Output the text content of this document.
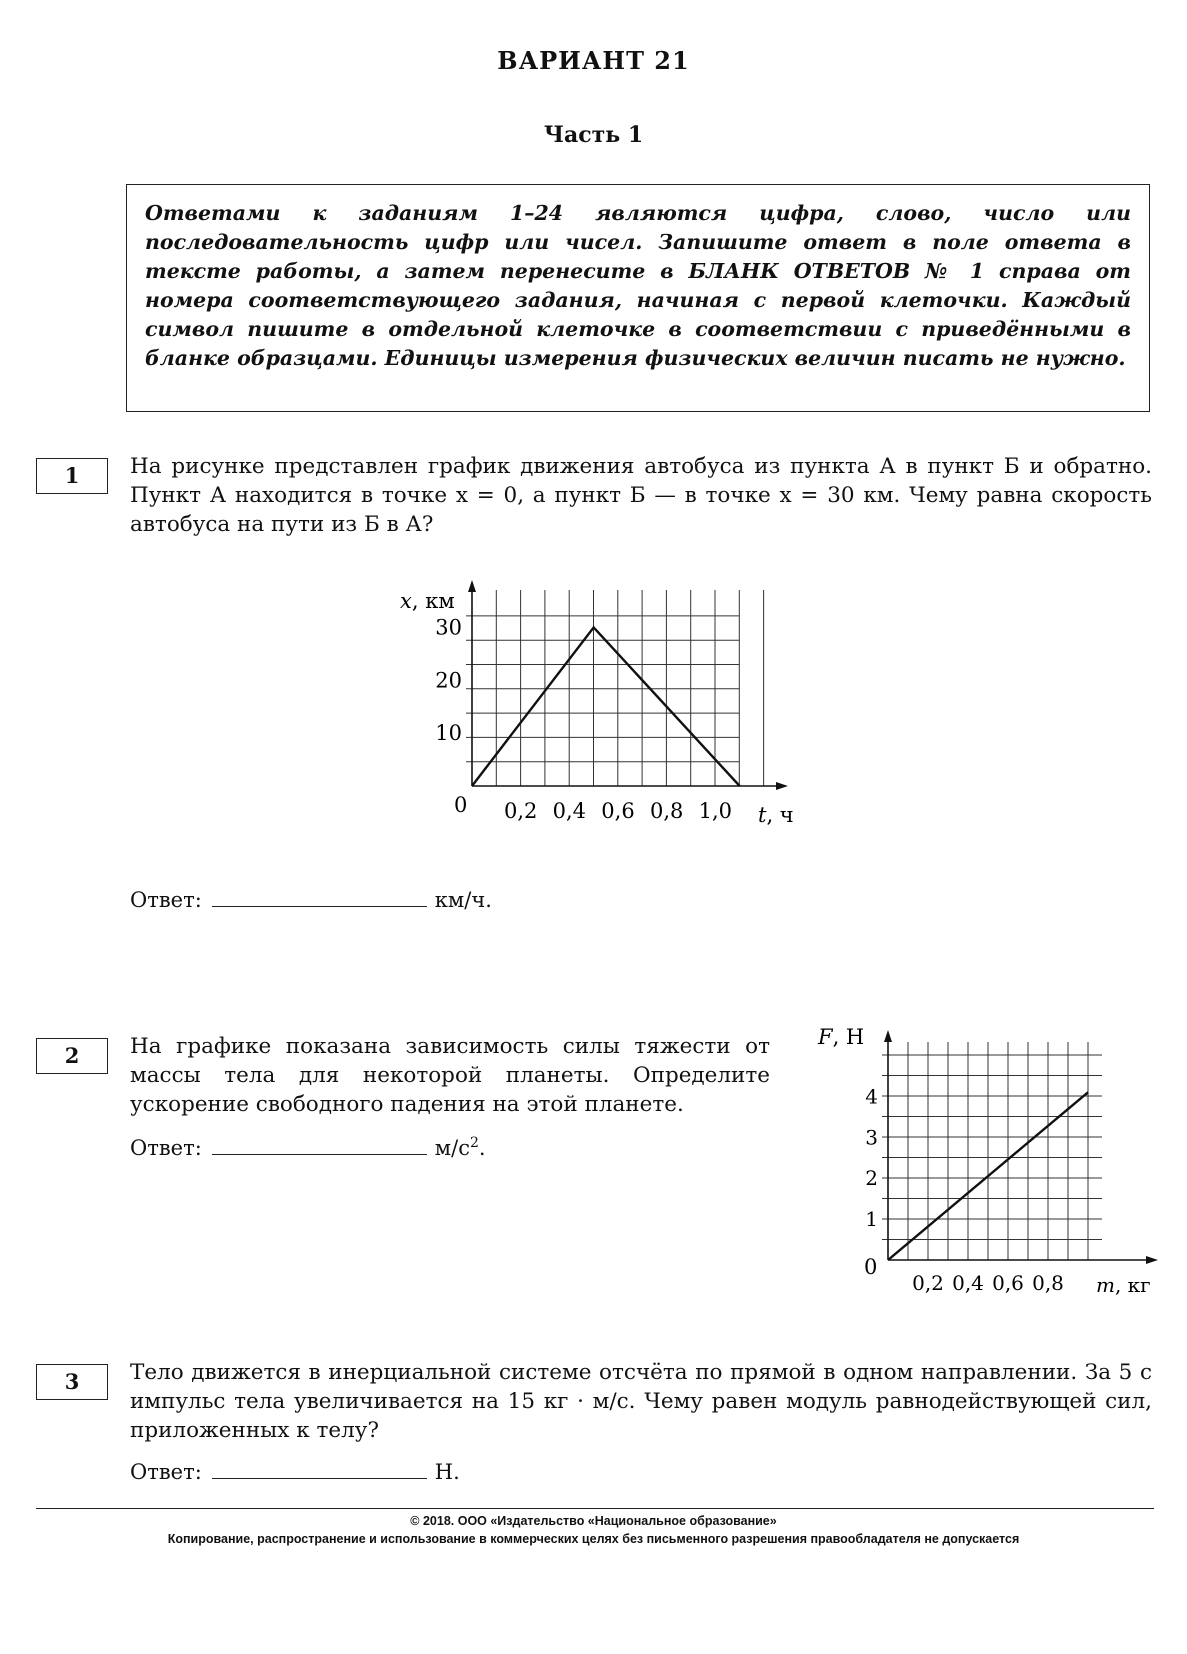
ВАРИАНТ 21
Часть 1
Ответами к заданиям 1–24 являются цифра, слово, число или последовательность цифр или чисел. Запишите ответ в поле ответа в тексте работы, а затем перенесите в БЛАНК ОТВЕТОВ № 1 справа от номера соответствующего задания, начиная с первой клеточки. Каждый символ пишите в отдельной клеточке в соответствии с приведёнными в бланке образцами. Единицы измерения физических величин писать не нужно.
1	На рисунке представлен график движения автобуса из пункта А в пункт Б и обратно. Пункт А находится в точке x = 0, а пункт Б — в точке x = 30 км. Чему равна скорость автобуса на пути из Б в А?
0,2 0,4 0,6 0,8 1,0
10
20
30
x, км
0	t, ч
Ответ:	км/ч.
2	На графике показана зависимость силы тяжести от массы тела для некоторой планеты. Определите ускорение свободного падения на этой планете.
Ответ:	$м/с^2$.
0,2 0,4 0,6 0,8
1
2
3
4
F, Н
0
m, кг
3	Тело движется в инерциальной системе отсчёта по прямой в одном направлении. За 5 с импульс тела увеличивается на 15 кг · м/с. Чему равен модуль равнодействующей сил, приложенных к телу?
Ответ:	Н.
© 2018. ООО «Издательство «Национальное образование»
Копирование, распространение и использование в коммерческих целях без письменного разрешения правообладателя не допускается
